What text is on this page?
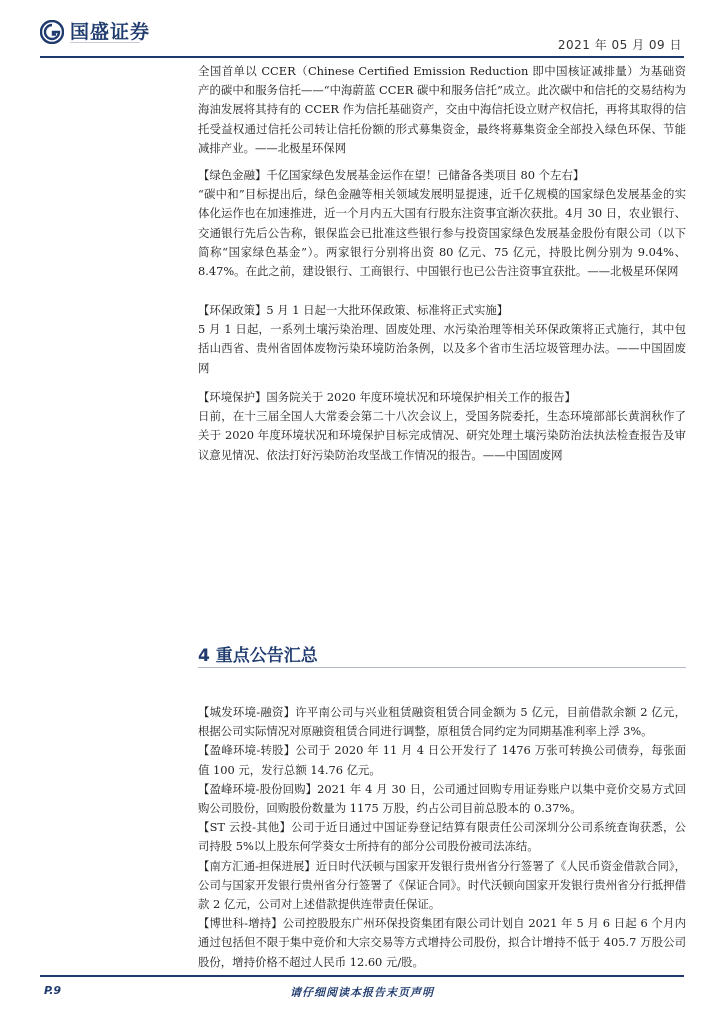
国盛证券
2021 年 05 月 09 日

全国首单以 CCER（Chinese Certified Emission Reduction 即中国核证减排量）为基础资产的碳中和服务信托——“中海蔚蓝 CCER 碳中和服务信托”成立。此次碳中和信托的交易结构为海油发展将其持有的 CCER 作为信托基础资产，交由中海信托设立财产权信托，再将其取得的信托受益权通过信托公司转让信托份额的形式募集资金，最终将募集资金全部投入绿色环保、节能减排产业。——北极星环保网

【绿色金融】千亿国家绿色发展基金运作在望！已储备各类项目 80 个左右】

“碳中和”目标提出后，绿色金融等相关领域发展明显提速，近千亿规模的国家绿色发展基金的实体化运作也在加速推进，近一个月内五大国有行股东注资事宜渐次获批。4月 30 日，农业银行、交通银行先后公告称，银保监会已批准这些银行参与投资国家绿色发展基金股份有限公司（以下简称“国家绿色基金”）。两家银行分别将出资 80 亿元、75 亿元，持股比例分别为 9.04%、8.47%。在此之前，建设银行、工商银行、中国银行也已公告注资事宜获批。——北极星环保网

【环保政策】5 月 1 日起一大批环保政策、标准将正式实施】

5 月 1 日起，一系列土壤污染治理、固废处理、水污染治理等相关环保政策将正式施行，其中包括山西省、贵州省固体废物污染环境防治条例，以及多个省市生活垃圾管理办法。——中国固废网

【环境保护】国务院关于 2020 年度环境状况和环境保护相关工作的报告】

日前，在十三届全国人大常委会第二十八次会议上，受国务院委托，生态环境部部长黄润秋作了关于 2020 年度环境状况和环境保护目标完成情况、研究处理土壤污染防治法执法检查报告及审议意见情况、依法打好污染防治攻坚战工作情况的报告。——中国固废网

4 重点公告汇总

【城发环境-融资】许平南公司与兴业租赁融资租赁合同金额为 5 亿元，目前借款余额 2 亿元，根据公司实际情况对原融资租赁合同进行调整，原租赁合同约定为同期基准利率上浮 3%。

【盈峰环境-转股】公司于 2020 年 11 月 4 日公开发行了 1476 万张可转换公司债券，每张面值 100 元，发行总额 14.76 亿元。

【盈峰环境-股份回购】2021 年 4 月 30 日，公司通过回购专用证券账户以集中竞价交易方式回购公司股份，回购股份数量为 1175 万股，约占公司目前总股本的 0.37%。

【ST 云投-其他】公司于近日通过中国证券登记结算有限责任公司深圳分公司系统查询获悉，公司持股 5%以上股东何学葵女士所持有的部分公司股份被司法冻结。

【南方汇通-担保进展】近日时代沃顿与国家开发银行贵州省分行签署了《人民币资金借款合同》，公司与国家开发银行贵州省分行签署了《保证合同》。时代沃顿向国家开发银行贵州省分行抵押借款 2 亿元，公司对上述借款提供连带责任保证。

【博世科-增持】公司控股股东广州环保投资集团有限公司计划自 2021 年 5 月 6 日起 6 个月内通过包括但不限于集中竞价和大宗交易等方式增持公司股份，拟合计增持不低于 405.7 万股公司股份，增持价格不超过人民币 12.60 元/股。

P.9	请仔细阅读本报告末页声明
